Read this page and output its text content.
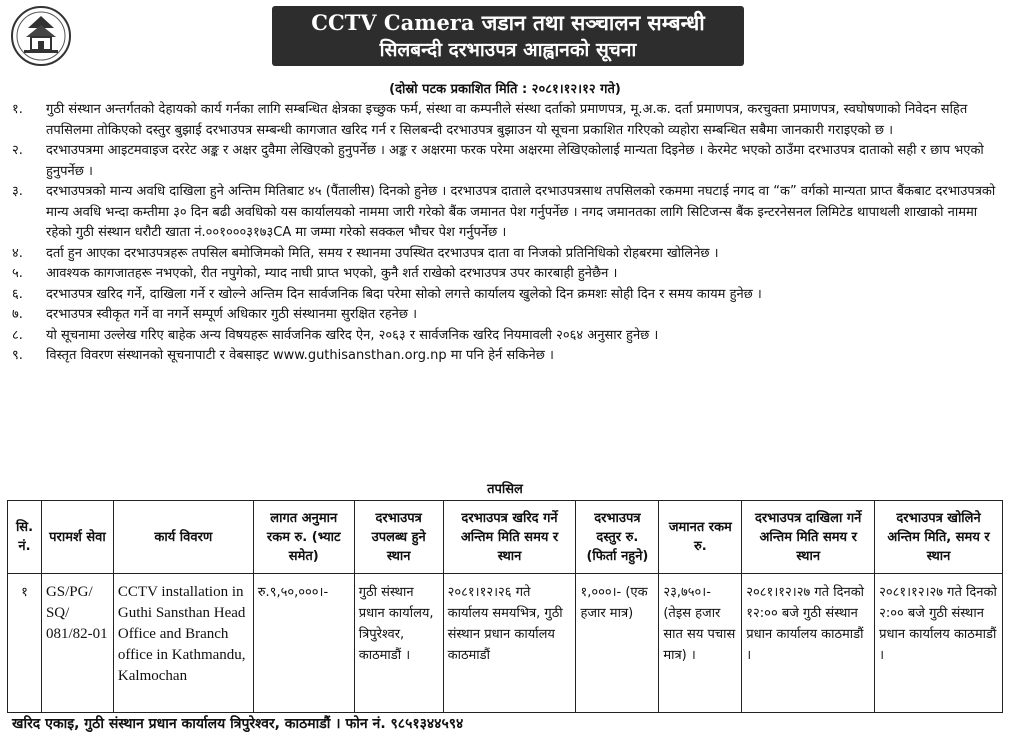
CCTV Camera जडान तथा सञ्चालन सम्बन्धी
सिलबन्दी दरभाउपत्र आह्वानको सूचना
(दोस्रो पटक प्रकाशित मिति : २०८१।१२।१२ गते)
१.	गुठी संस्थान अन्तर्गतको देहायको कार्य गर्नका लागि सम्बन्धित क्षेत्रका इच्छुक फर्म, संस्था वा कम्पनीले संस्था दर्ताको प्रमाणपत्र, मू.अ.क. दर्ता प्रमाणपत्र, करचुक्ता प्रमाणपत्र, स्वघोषणाको निवेदन सहित तपसिलमा तोकिएको दस्तुर बुझाई दरभाउपत्र सम्बन्धी कागजात खरिद गर्न र सिलबन्दी दरभाउपत्र बुझाउन यो सूचना प्रकाशित गरिएको व्यहोरा सम्बन्धित सबैमा जानकारी गराइएको छ ।
२.	दरभाउपत्रमा आइटमवाइज दररेट अङ्क र अक्षर दुवैमा लेखिएको हुनुपर्नेछ । अङ्क र अक्षरमा फरक परेमा अक्षरमा लेखिएकोलाई मान्यता दिइनेछ । केरमेट भएको ठाउँमा दरभाउपत्र दाताको सही र छाप भएको हुनुपर्नेछ ।
३.	दरभाउपत्रको मान्य अवधि दाखिला हुने अन्तिम मितिबाट ४५ (पैंतालीस) दिनको हुनेछ । दरभाउपत्र दाताले दरभाउपत्रसाथ तपसिलको रकममा नघटाई नगद वा “क” वर्गको मान्यता प्राप्त बैंकबाट दरभाउपत्रको मान्य अवधि भन्दा कम्तीमा ३० दिन बढी अवधिको यस कार्यालयको नाममा जारी गरेको बैंक जमानत पेश गर्नुपर्नेछ । नगद जमानतका लागि सिटिजन्स बैंक इन्टरनेसनल लिमिटेड थापाथली शाखाको नाममा रहेको गुठी संस्थान धरौटी खाता नं.००१०००३१७३CA मा जम्मा गरेको सक्कल भौचर पेश गर्नुपर्नेछ ।
४.	दर्ता हुन आएका दरभाउपत्रहरू तपसिल बमोजिमको मिति, समय र स्थानमा उपस्थित दरभाउपत्र दाता वा निजको प्रतिनिधिको रोहबरमा खोलिनेछ ।
५.	आवश्यक कागजातहरू नभएको, रीत नपुगेको, म्याद नाघी प्राप्त भएको, कुनै शर्त राखेको दरभाउपत्र उपर कारबाही हुनेछैन ।
६.	दरभाउपत्र खरिद गर्ने, दाखिला गर्ने र खोल्ने अन्तिम दिन सार्वजनिक बिदा परेमा सोको लगत्ते कार्यालय खुलेको दिन क्रमशः सोही दिन र समय कायम हुनेछ ।
७.	दरभाउपत्र स्वीकृत गर्ने वा नगर्ने सम्पूर्ण अधिकार गुठी संस्थानमा सुरक्षित रहनेछ ।
८.	यो सूचनामा उल्लेख गरिए बाहेक अन्य विषयहरू सार्वजनिक खरिद ऐन, २०६३ र सार्वजनिक खरिद नियमावली २०६४ अनुसार हुनेछ ।
९.	विस्तृत विवरण संस्थानको सूचनापाटी र वेबसाइट www.guthisansthan.org.np मा पनि हेर्न सकिनेछ ।
तपसिल
सि. नं.	परामर्श सेवा	कार्य विवरण	लागत अनुमान रकम रु. (भ्याट समेत)	दरभाउपत्र उपलब्ध हुने स्थान	दरभाउपत्र खरिद गर्ने अन्तिम मिति समय र स्थान	दरभाउपत्र दस्तुर रु. (फिर्ता नहुने)	जमानत रकम रु.	दरभाउपत्र दाखिला गर्ने अन्तिम मिति समय र स्थान	दरभाउपत्र खोलिने अन्तिम मिति, समय र स्थान
१	GS/PG/ SQ/ 081/82-01	CCTV installation in Guthi Sansthan Head Office and Branch office in Kathmandu, Kalmochan	रु.९,५०,०००।-	गुठी संस्थान प्रधान कार्यालय, त्रिपुरेश्वर, काठमाडौं ।	२०८१।१२।२६ गते कार्यालय समयभित्र, गुठी संस्थान प्रधान कार्यालय काठमाडौं	१,०००।- (एक हजार मात्र)	२३,७५०।- (तेइस हजार सात सय पचास मात्र) ।	२०८१।१२।२७ गते दिनको १२:०० बजे गुठी संस्थान प्रधान कार्यालय काठमाडौं ।	२०८१।१२।२७ गते दिनको २:०० बजे गुठी संस्थान प्रधान कार्यालय काठमाडौं ।
खरिद एकाइ, गुठी संस्थान प्रधान कार्यालय त्रिपुरेश्वर, काठमाडौं । फोन नं. ९८५१३४४५९४
